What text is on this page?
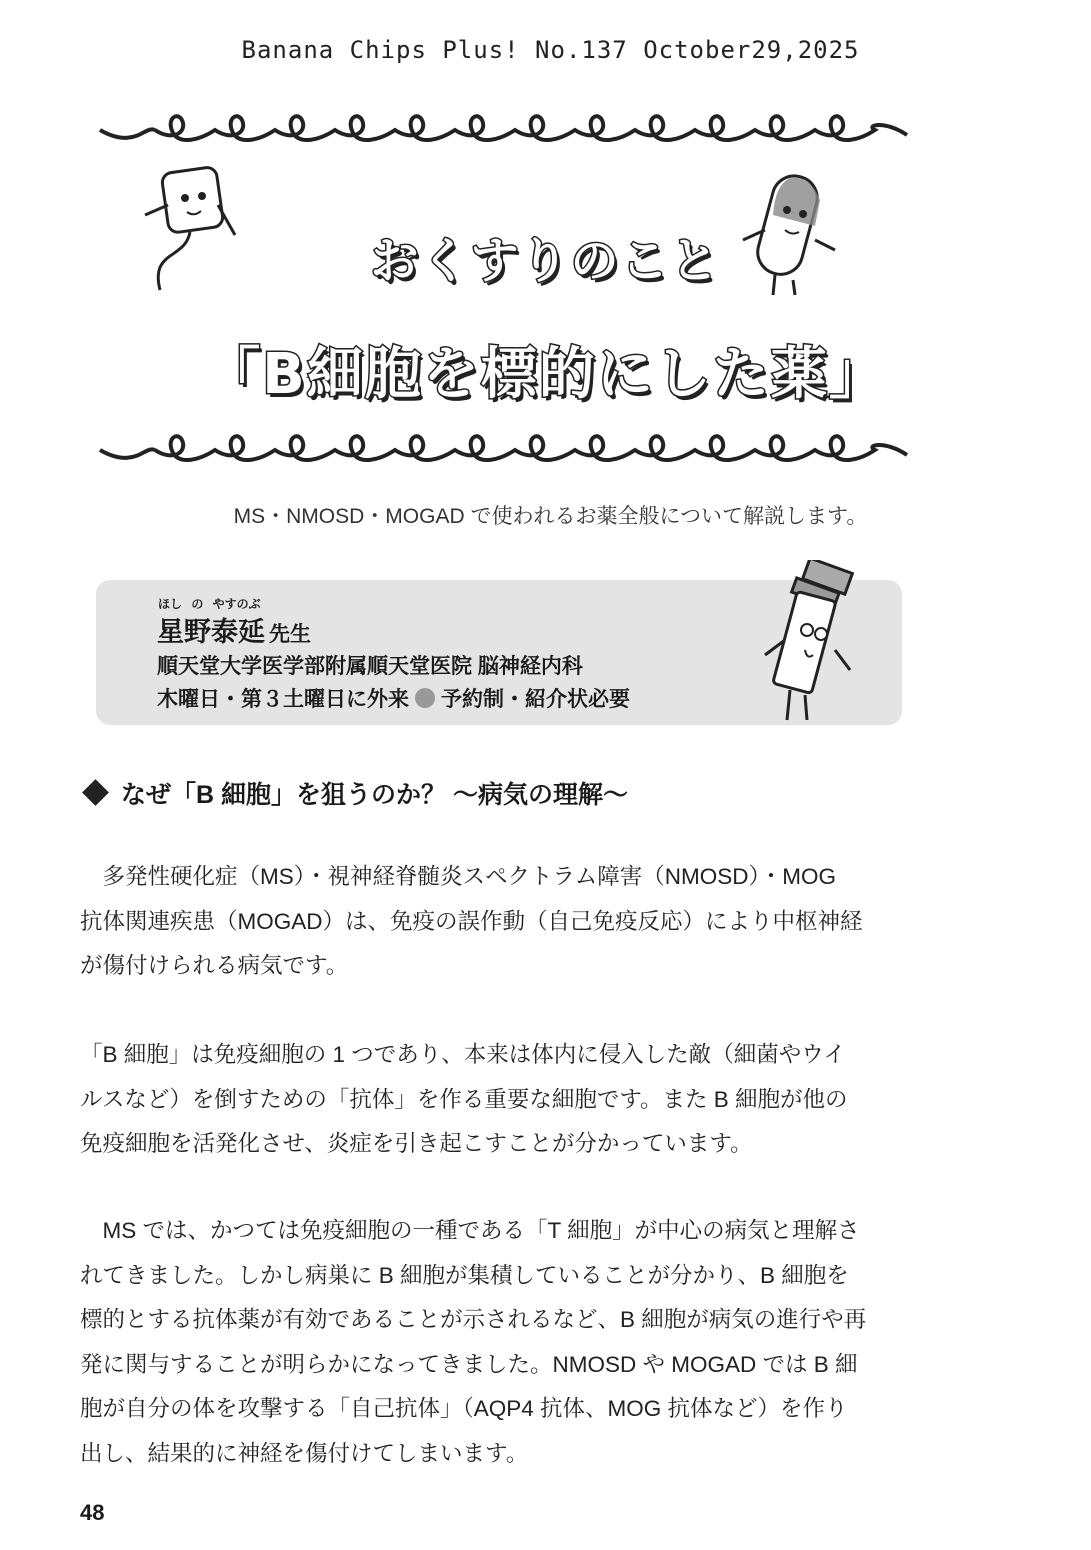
Banana Chips Plus! No.137 October29,2025
おくすりのこと
「B細胞を標的にした薬」
MS・NMOSD・MOGAD で使われるお薬全般について解説します。
ほし の やすのぶ
星野泰延 先生
順天堂大学医学部附属順天堂医院 脳神経内科
木曜日・第３土曜日に外来 予約制・紹介状必要
なぜ「B 細胞」を狙うのか？ 〜病気の理解〜
　多発性硬化症（MS）・視神経脊髄炎スペクトラム障害（NMOSD）・MOG
抗体関連疾患（MOGAD）は、免疫の誤作動（自己免疫反応）により中枢神経
が傷付けられる病気です。
「B 細胞」は免疫細胞の 1 つであり、本来は体内に侵入した敵（細菌やウイ
ルスなど）を倒すための「抗体」を作る重要な細胞です。また B 細胞が他の
免疫細胞を活発化させ、炎症を引き起こすことが分かっています。
　MS では、かつては免疫細胞の一種である「T 細胞」が中心の病気と理解さ
れてきました。しかし病巣に B 細胞が集積していることが分かり、B 細胞を
標的とする抗体薬が有効であることが示されるなど、B 細胞が病気の進行や再
発に関与することが明らかになってきました。NMOSD や MOGAD では B 細
胞が自分の体を攻撃する「自己抗体」（AQP4 抗体、MOG 抗体など）を作り
出し、結果的に神経を傷付けてしまいます。
48
